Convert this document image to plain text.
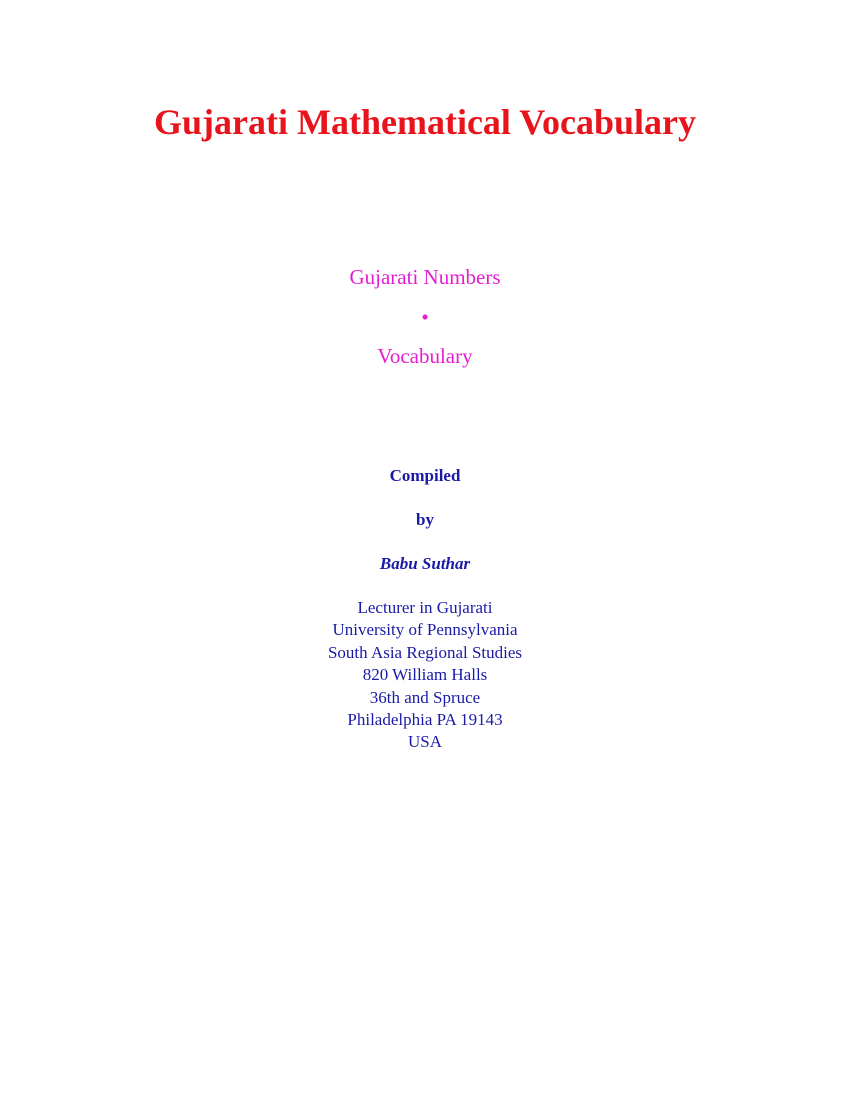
Gujarati Mathematical Vocabulary

Gujarati Numbers

•

Vocabulary

Compiled

by

Babu Suthar

Lecturer in Gujarati
University of Pennsylvania
South Asia Regional Studies
820 William Halls
36th and Spruce
Philadelphia PA 19143
USA
